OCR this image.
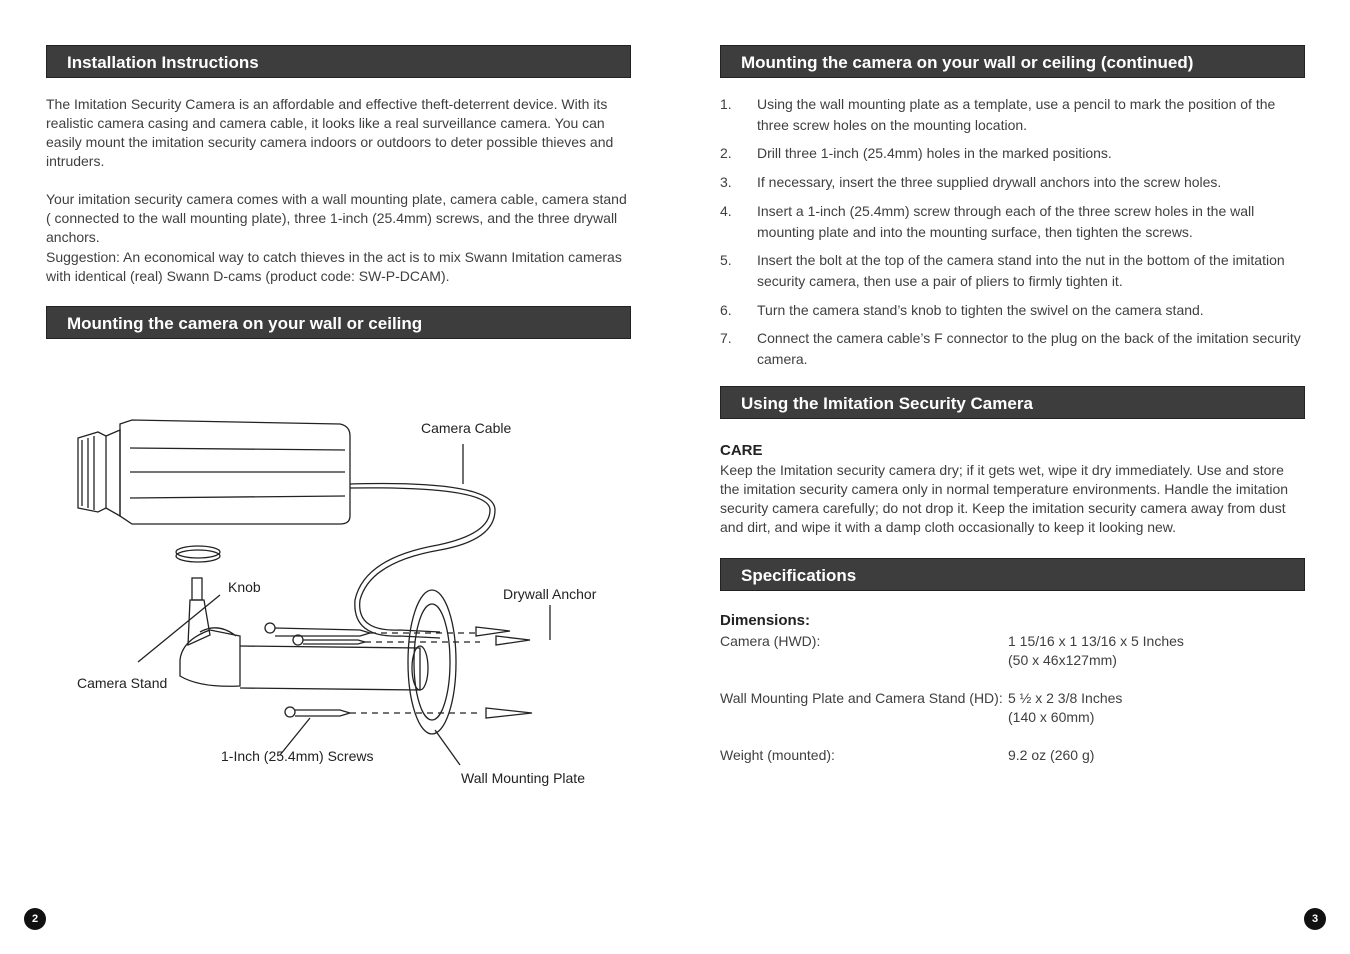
Installation Instructions

The Imitation Security Camera is an affordable and effective theft-deterrent device. With its realistic camera casing and camera cable, it looks like a real surveillance camera. You can easily mount the imitation security camera indoors or outdoors to deter possible thieves and intruders.

Your imitation security camera comes with a wall mounting plate, camera cable, camera stand ( connected to the wall mounting plate), three 1-inch (25.4mm) screws, and the three drywall anchors.

Suggestion: An economical way to catch thieves in the act is to mix Swann Imitation cameras with identical (real) Swann D-cams (product code: SW-P-DCAM).

Mounting the camera on your wall or ceiling
Camera Cable
Knob	Drywall Anchor
Camera Stand
1-Inch (25.4mm) Screws
Wall Mounting Plate
2
Mounting the camera on your wall or ceiling (continued)
1.	Using the wall mounting plate as a template, use a pencil to mark the position of the three screw holes on the mounting location.
2.	Drill three 1-inch (25.4mm) holes in the marked positions.
3.	If necessary, insert the three supplied drywall anchors into the screw holes.
4.	Insert a 1-inch (25.4mm) screw through each of the three screw holes in the wall mounting plate and into the mounting surface, then tighten the screws.
5.	Insert the bolt at the top of the camera stand into the nut in the bottom of the imitation security camera, then use a pair of pliers to firmly tighten it.
6.	Turn the camera stand’s knob to tighten the swivel on the camera stand.
7.	Connect the camera cable’s F connector to the plug on the back of the imitation security camera.
Using the Imitation Security Camera
CARE

Keep the Imitation security camera dry; if it gets wet, wipe it dry immediately. Use and store the imitation security camera only in normal temperature environments. Handle the imitation security camera carefully; do not drop it. Keep the imitation security camera away from dust and dirt, and wipe it with a damp cloth occasionally to keep it looking new.

Specifications
Dimensions:
Camera (HWD):	1 15/16 x 1 13/16 x 5 Inches
(50 x 46x127mm)
Wall Mounting Plate and Camera Stand (HD): 5 ½ x 2 3/8 Inches
(140 x 60mm)
Weight (mounted):	9.2 oz (260 g)
3
